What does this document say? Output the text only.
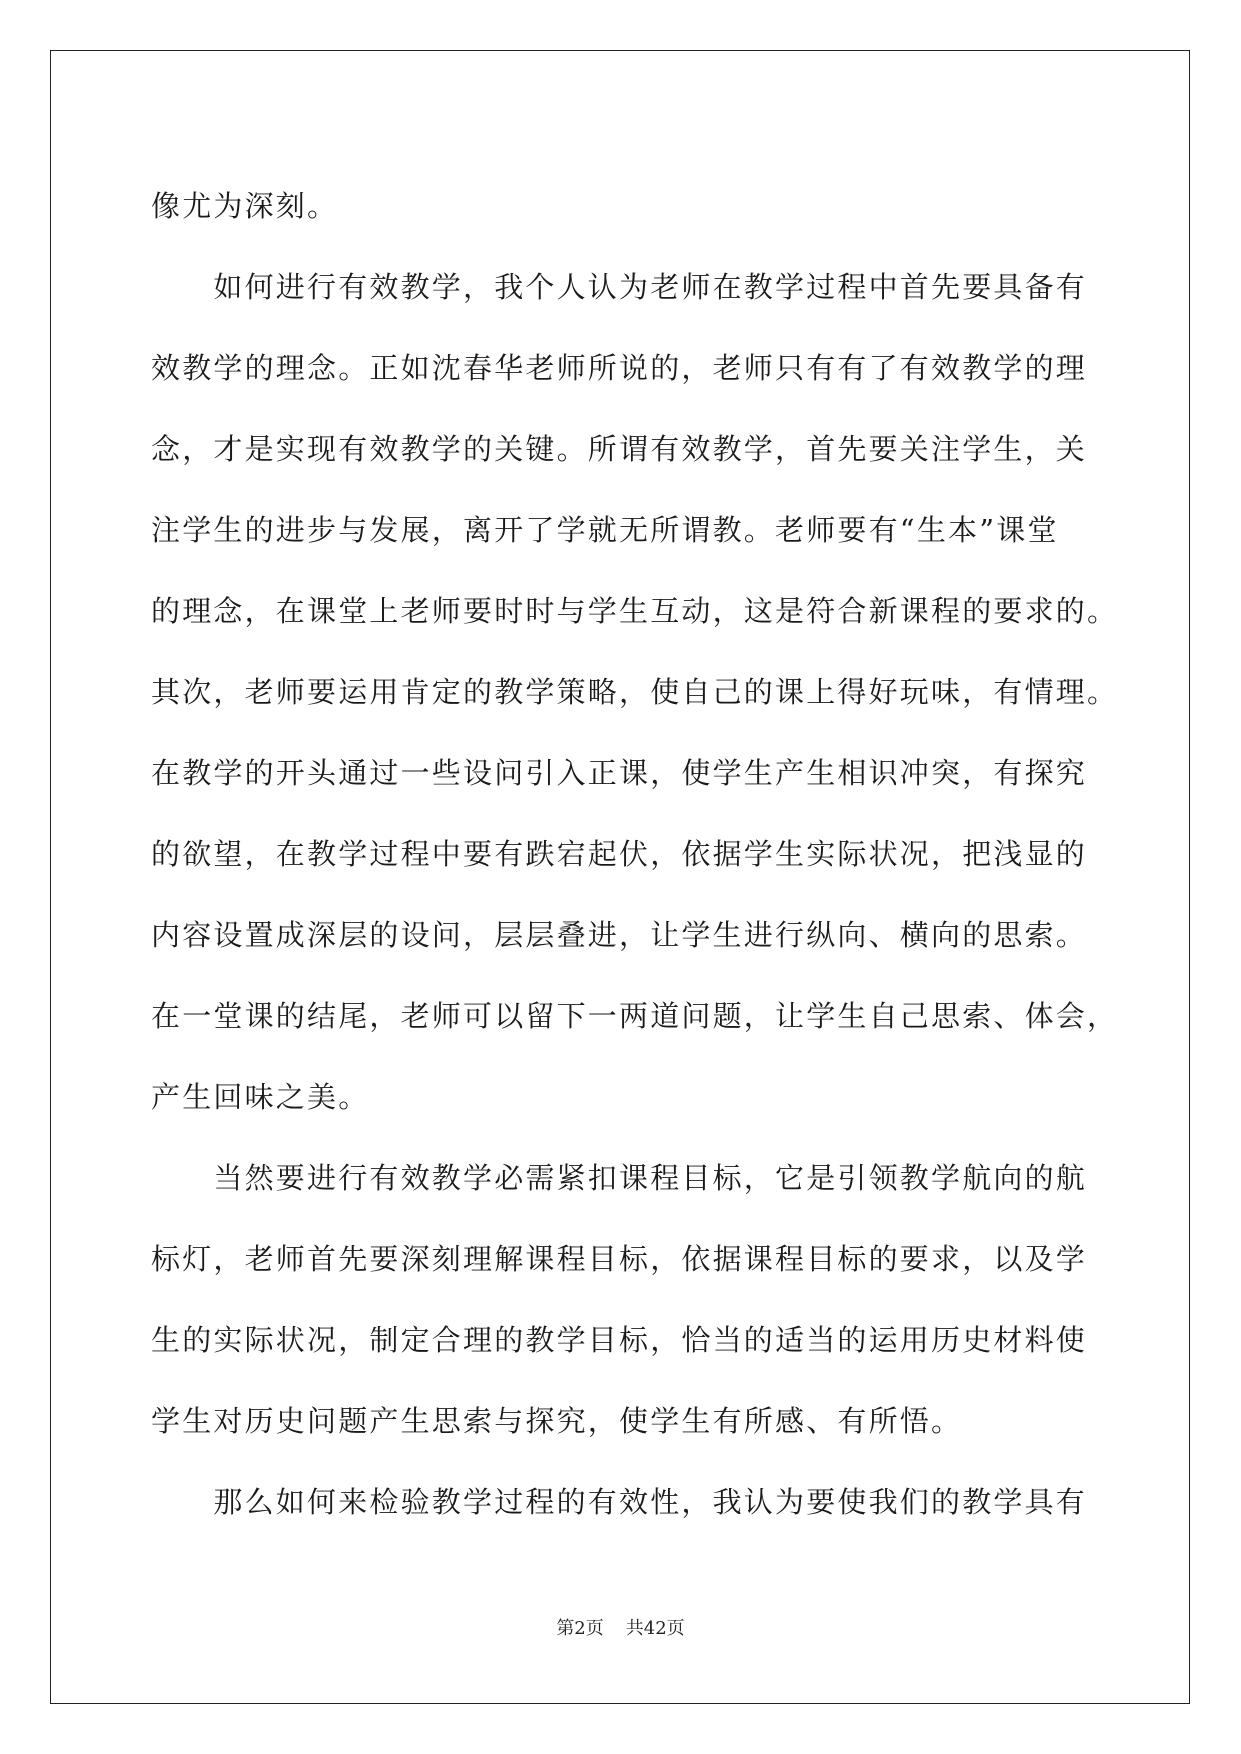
像尤为深刻。
　　如何进行有效教学，我个人认为老师在教学过程中首先要具备有
效教学的理念。正如沈春华老师所说的，老师只有有了有效教学的理
念，才是实现有效教学的关键。所谓有效教学，首先要关注学生，关
注学生的进步与发展，离开了学就无所谓教。老师要有“生本”课堂
的理念，在课堂上老师要时时与学生互动，这是符合新课程的要求的。
其次，老师要运用肯定的教学策略，使自己的课上得好玩味，有情理。
在教学的开头通过一些设问引入正课，使学生产生相识冲突，有探究
的欲望，在教学过程中要有跌宕起伏，依据学生实际状况，把浅显的
内容设置成深层的设问，层层叠进，让学生进行纵向、横向的思索。
在一堂课的结尾，老师可以留下一两道问题，让学生自己思索、体会，
产生回味之美。
　　当然要进行有效教学必需紧扣课程目标，它是引领教学航向的航
标灯，老师首先要深刻理解课程目标，依据课程目标的要求，以及学
生的实际状况，制定合理的教学目标，恰当的适当的运用历史材料使
学生对历史问题产生思索与探究，使学生有所感、有所悟。
　　那么如何来检验教学过程的有效性，我认为要使我们的教学具有
第2页 共42页
